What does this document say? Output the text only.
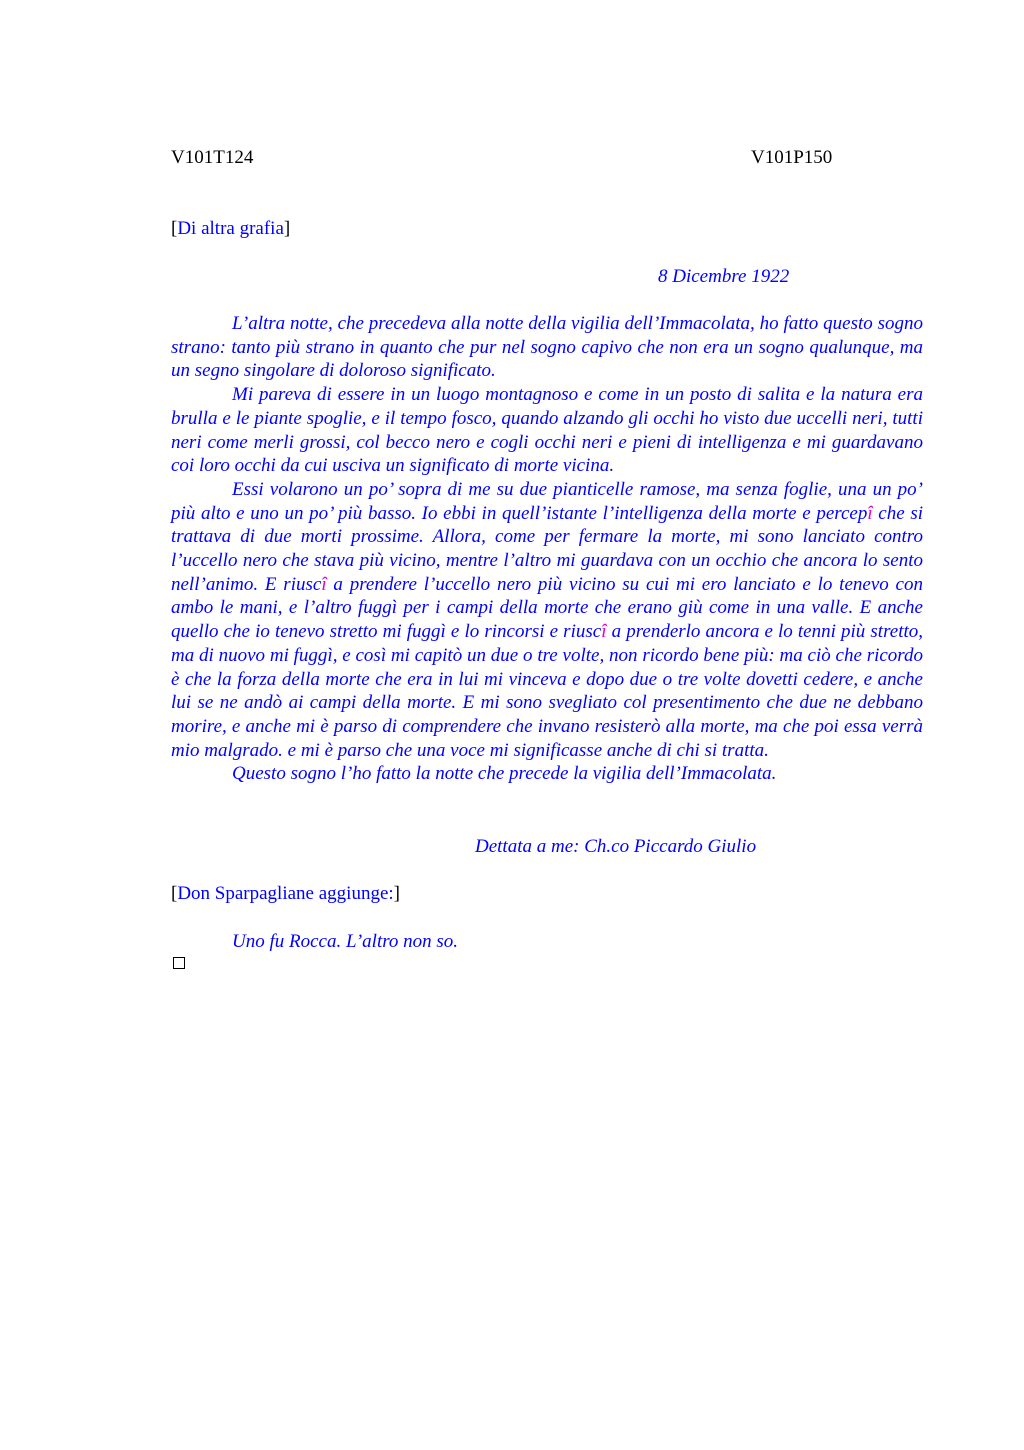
V101T124	V101P150
[Di altra grafia]
8 Dicembre 1922

L’altra notte, che precedeva alla notte della vigilia dell’Immacolata, ho fatto questo sogno strano: tanto più strano in quanto che pur nel sogno capivo che non era un sogno qualunque, ma un segno singolare di doloroso significato.

Mi pareva di essere in un luogo montagnoso e come in un posto di salita e la natura era brulla e le piante spoglie, e il tempo fosco, quando alzando gli occhi ho visto due uccelli neri, tutti neri come merli grossi, col becco nero e cogli occhi neri e pieni di intelligenza e mi guardavano coi loro occhi da cui usciva un significato di morte vicina.

Essi volarono un po’ sopra di me su due pianticelle ramose, ma senza foglie, una un po’ più alto e uno un po’ più basso. Io ebbi in quell’istante l’intelligenza della morte e percepî che si trattava di due morti prossime. Allora, come per fermare la morte, mi sono lanciato contro l’uccello nero che stava più vicino, mentre l’altro mi guardava con un occhio che ancora lo sento nell’animo. E riuscî a prendere l’uccello nero più vicino su cui mi ero lanciato e lo tenevo con ambo le mani, e l’altro fuggì per i campi della morte che erano giù come in una valle. E anche quello che io tenevo stretto mi fuggì e lo rincorsi e riuscî a prenderlo ancora e lo tenni più stretto, ma di nuovo mi fuggì, e così mi capitò un due o tre volte, non ricordo bene più: ma ciò che ricordo è che la forza della morte che era in lui mi vinceva e dopo due o tre volte dovetti cedere, e anche lui se ne andò ai campi della morte. E mi sono svegliato col presentimento che due ne debbano morire, e anche mi è parso di comprendere che invano resisterò alla morte, ma che poi essa verrà mio malgrado. e mi è parso che una voce mi significasse anche di chi si tratta.

Questo sogno l’ho fatto la notte che precede la vigilia dell’Immacolata.

Dettata a me: Ch.co Piccardo Giulio
[Don Sparpagliane aggiunge:]
Uno fu Rocca. L’altro non so.
